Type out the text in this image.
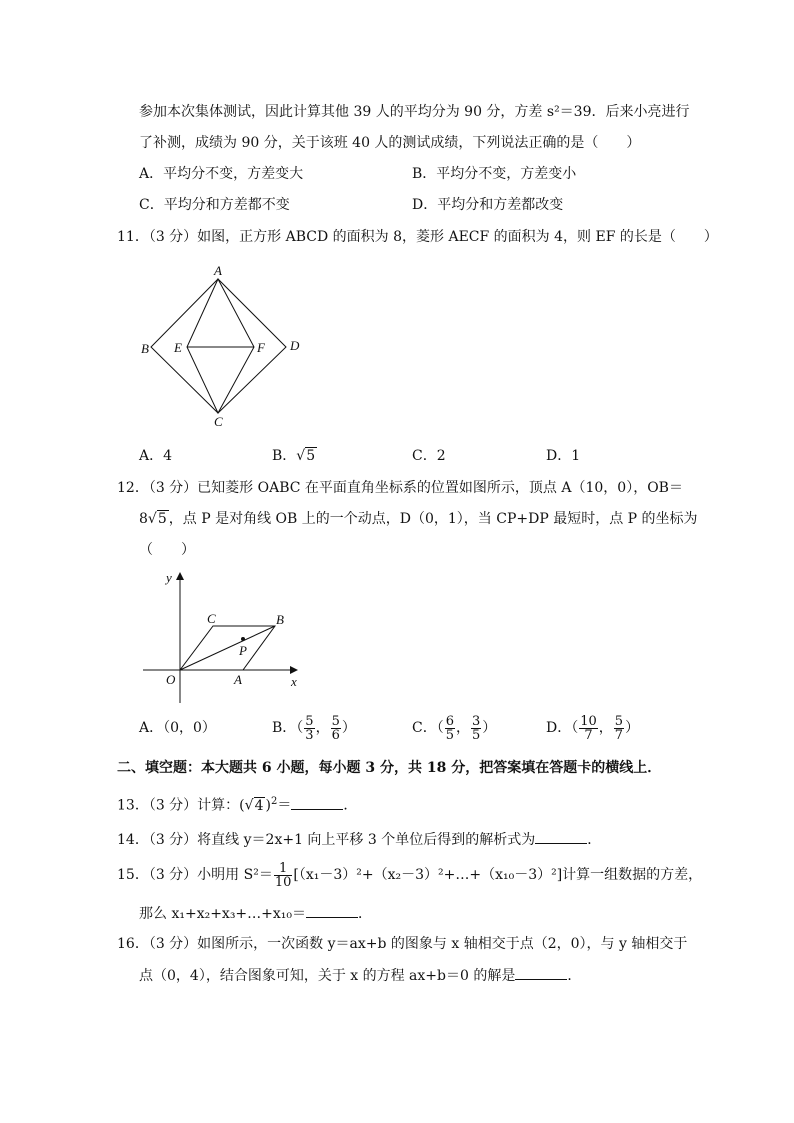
参加本次集体测试，因此计算其他 39 人的平均分为 90 分，方差 s²＝39．后来小亮进行
了补测，成绩为 90 分，关于该班 40 人的测试成绩，下列说法正确的是（　　）
A．平均分不变，方差变大	B．平均分不变，方差变小
C．平均分和方差都不变	D．平均分和方差都改变
11．（3 分）如图，正方形 ABCD 的面积为 8，菱形 AECF 的面积为 4，则 EF 的长是（　　）
A
B E	F D
C
A．4	B．√5	C．2	D．1
12．（3 分）已知菱形 OABC 在平面直角坐标系的位置如图所示，顶点 A（10，0），OB＝
8√5 ，点 P 是对角线 OB 上的一个动点，D（0，1），当 CP+DP 最短时，点 P 的坐标为
（　　）
y
x
O	A
C	B
P
A．（0，0）	B．（ $\frac{5}{3}$ ， $\frac{5}{6}$ ）	C．（ $\frac{6}{5}$ ， $\frac{3}{5}$ ）	D．（ $\frac{10}{7}$ ， $\frac{5}{7}$ ）
二、填空题：本大题共 6 小题，每小题 3 分，共 18 分，把答案填在答题卡的横线上．
13．（3 分）计算：(√4 )$^2$＝	．
14．（3 分）将直线 y＝2x+1 向上平移 3 个单位后得到的解析式为	．
15．（3 分）小明用 $S^2= \frac{1}{10}$ [（x₁－3）²+（x₂－3）²+…+（x₁₀－3）²]计算一组数据的方差，
那么 x₁+x₂+x₃+…+x₁₀＝	．
16．（3 分）如图所示，一次函数 y＝ax+b 的图象与 x 轴相交于点（2，0），与 y 轴相交于
点（0，4），结合图象可知，关于 x 的方程 ax+b＝0 的解是	．
